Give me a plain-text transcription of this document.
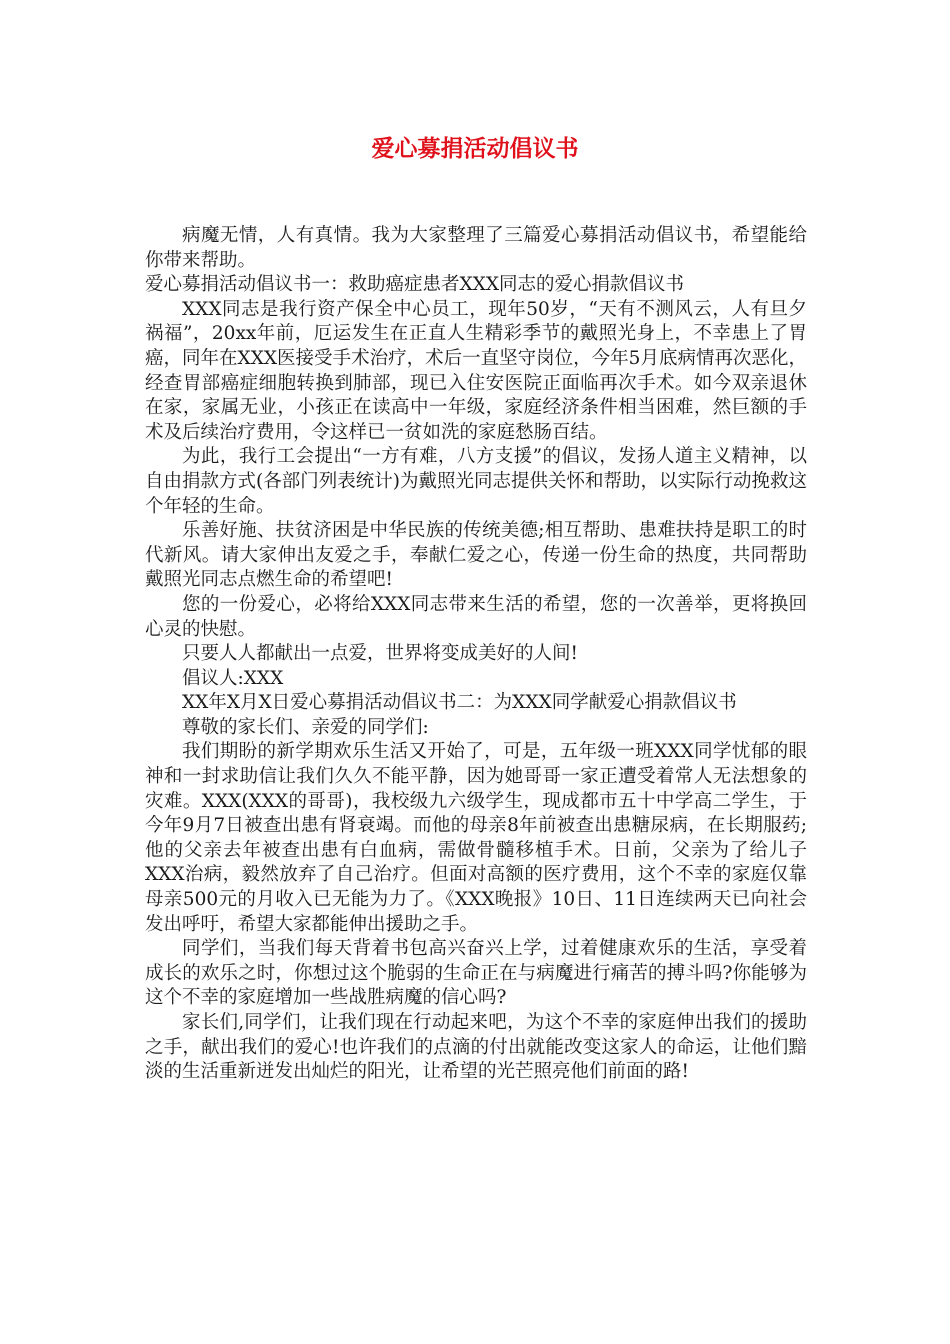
爱心募捐活动倡议书

病魔无情，人有真情。我为大家整理了三篇爱心募捐活动倡议书，希望能给你带来帮助。

爱心募捐活动倡议书一：救助癌症患者XXX同志的爱心捐款倡议书

XXX同志是我行资产保全中心员工，现年50岁，“天有不测风云，人有旦夕祸福”，20xx年前，厄运发生在正直人生精彩季节的戴照光身上，不幸患上了胃癌，同年在XXX医接受手术治疗，术后一直坚守岗位，今年5月底病情再次恶化，经查胃部癌症细胞转换到肺部，现已入住安医院正面临再次手术。如今双亲退休在家，家属无业，小孩正在读高中一年级，家庭经济条件相当困难，然巨额的手术及后续治疗费用，令这样已一贫如洗的家庭愁肠百结。

为此，我行工会提出“一方有难，八方支援”的倡议，发扬人道主义精神，以自由捐款方式(各部门列表统计)为戴照光同志提供关怀和帮助，以实际行动挽救这个年轻的生命。

乐善好施、扶贫济困是中华民族的传统美德;相互帮助、患难扶持是职工的时代新风。请大家伸出友爱之手，奉献仁爱之心，传递一份生命的热度，共同帮助戴照光同志点燃生命的希望吧!

您的一份爱心，必将给XXX同志带来生活的希望，您的一次善举，更将换回心灵的快慰。

只要人人都献出一点爱，世界将变成美好的人间!

倡议人:XXX

XX年X月X日爱心募捐活动倡议书二：为XXX同学献爱心捐款倡议书

尊敬的家长们、亲爱的同学们:

我们期盼的新学期欢乐生活又开始了，可是，五年级一班XXX同学忧郁的眼神和一封求助信让我们久久不能平静，因为她哥哥一家正遭受着常人无法想象的灾难。XXX(XXX的哥哥)，我校级九六级学生，现成都市五十中学高二学生，于今年9月7日被查出患有肾衰竭。而他的母亲8年前被查出患糖尿病，在长期服药;他的父亲去年被查出患有白血病，需做骨髓移植手术。日前，父亲为了给儿子XXX治病，毅然放弃了自己治疗。但面对高额的医疗费用，这个不幸的家庭仅靠母亲500元的月收入已无能为力了。《XXX晚报》10日、11日连续两天已向社会发出呼吁，希望大家都能伸出援助之手。

同学们，当我们每天背着书包高兴奋兴上学，过着健康欢乐的生活，享受着成长的欢乐之时，你想过这个脆弱的生命正在与病魔进行痛苦的搏斗吗?你能够为这个不幸的家庭增加一些战胜病魔的信心吗?

家长们,同学们，让我们现在行动起来吧，为这个不幸的家庭伸出我们的援助之手，献出我们的爱心!也许我们的点滴的付出就能改变这家人的命运，让他们黯淡的生活重新迸发出灿烂的阳光，让希望的光芒照亮他们前面的路!
